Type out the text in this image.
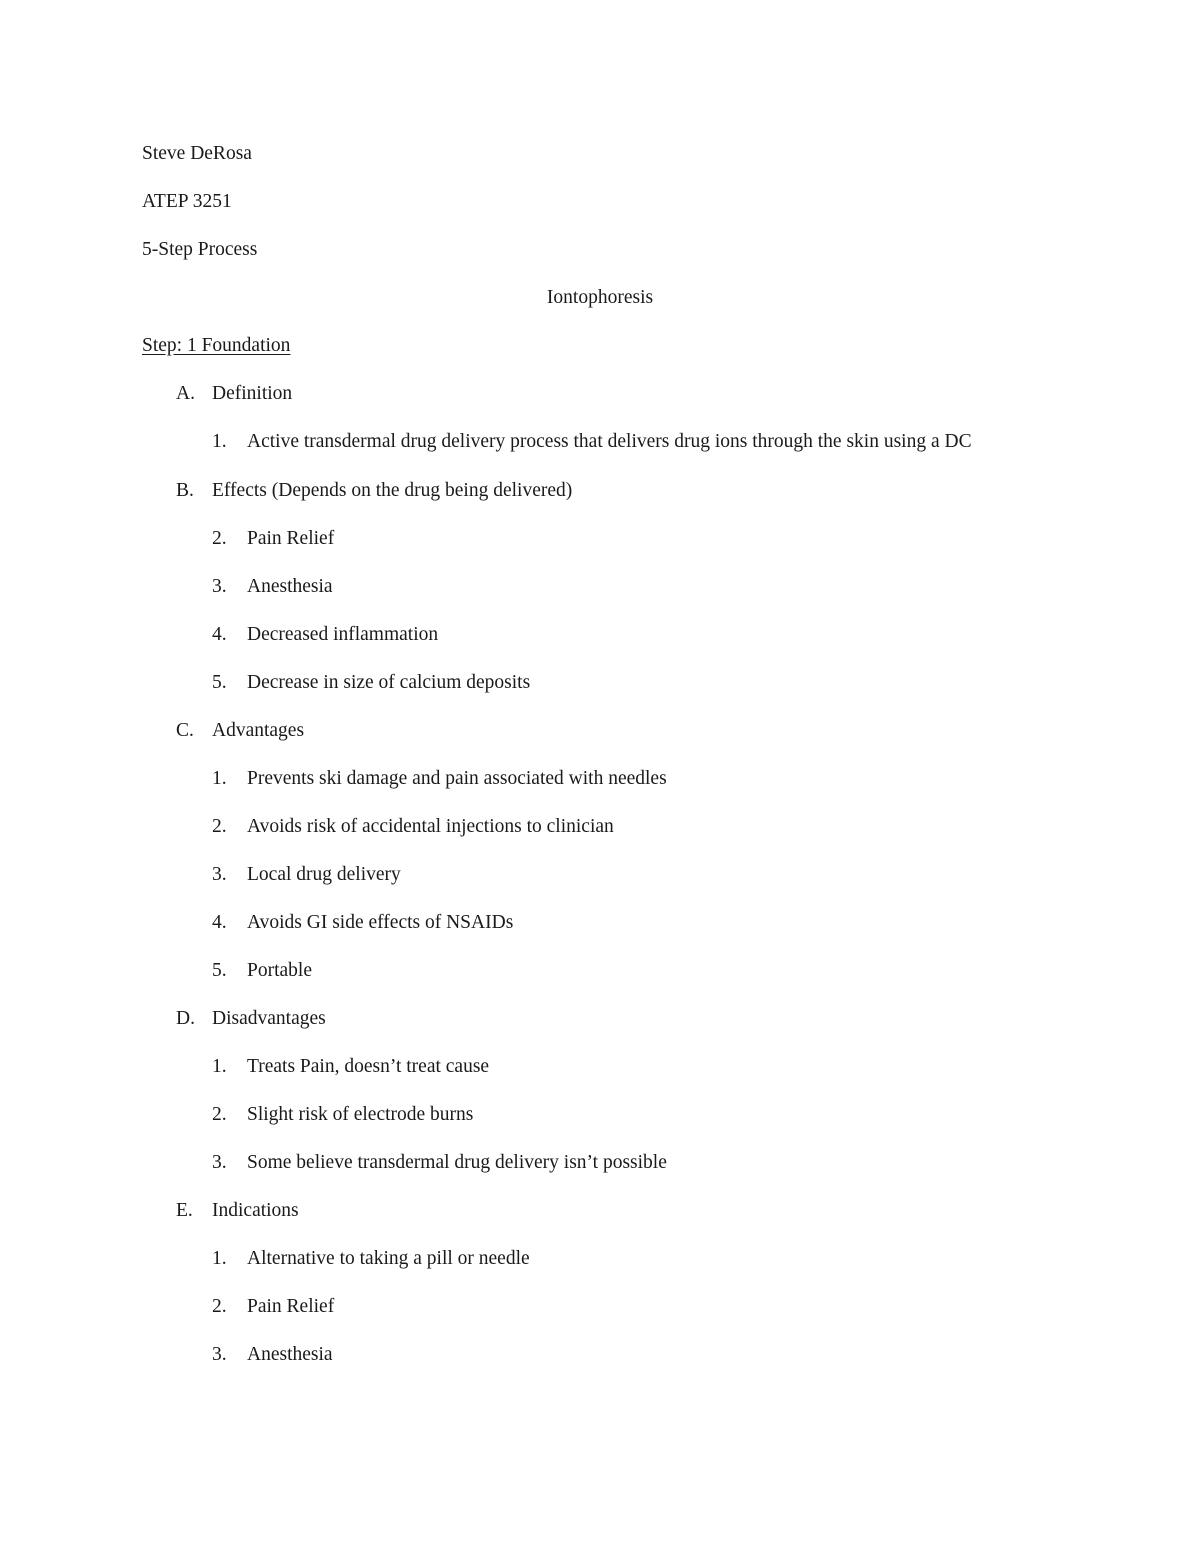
Steve DeRosa
ATEP 3251
5-Step Process
Iontophoresis
Step: 1 Foundation
A. Definition
1. Active transdermal drug delivery process that delivers drug ions through the skin using a DC
B. Effects (Depends on the drug being delivered)
2. Pain Relief
3. Anesthesia
4. Decreased inflammation
5. Decrease in size of calcium deposits
C. Advantages
1. Prevents ski damage and pain associated with needles
2. Avoids risk of accidental injections to clinician
3. Local drug delivery
4. Avoids GI side effects of NSAIDs
5. Portable
D. Disadvantages
1. Treats Pain, doesn’t treat cause
2. Slight risk of electrode burns
3. Some believe transdermal drug delivery isn’t possible
E. Indications
1. Alternative to taking a pill or needle
2. Pain Relief
3. Anesthesia
